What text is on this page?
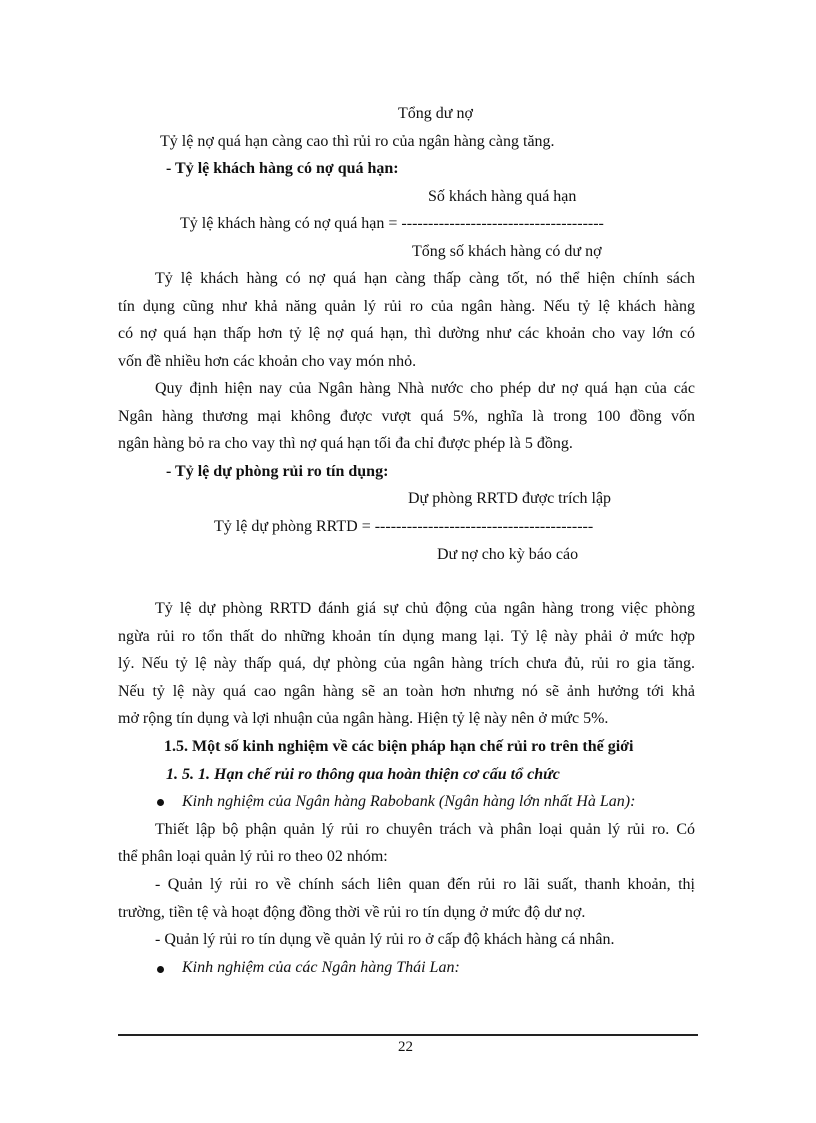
Tổng dư nợ
Tỷ lệ nợ quá hạn càng cao thì rủi ro của ngân hàng càng tăng.
- Tỷ lệ khách hàng có nợ quá hạn:
Số khách hàng quá hạn
Tỷ lệ khách hàng có nợ quá hạn = --------------------------------------
Tổng số khách hàng có dư nợ
Tỷ lệ khách hàng có nợ quá hạn càng thấp càng tốt, nó thể hiện chính sách
tín dụng cũng như khả năng quản lý rủi ro của ngân hàng. Nếu tỷ lệ khách hàng
có nợ quá hạn thấp hơn tỷ lệ nợ quá hạn, thì dường như các khoản cho vay lớn có
vốn đề nhiều hơn các khoản cho vay món nhỏ.
Quy định hiện nay của Ngân hàng Nhà nước cho phép dư nợ quá hạn của các
Ngân hàng thương mại không được vượt quá 5%, nghĩa là trong 100 đồng vốn
ngân hàng bỏ ra cho vay thì nợ quá hạn tối đa chỉ được phép là 5 đồng.
- Tỷ lệ dự phòng rủi ro tín dụng:
Dự phòng RRTD được trích lập
Tỷ lệ dự phòng RRTD = -----------------------------------------
Dư nợ cho kỳ báo cáo
Tỷ lệ dự phòng RRTD đánh giá sự chủ động của ngân hàng trong việc phòng
ngừa rủi ro tổn thất do những khoản tín dụng mang lại. Tỷ lệ này phải ở mức hợp
lý. Nếu tỷ lệ này thấp quá, dự phòng của ngân hàng trích chưa đủ, rủi ro gia tăng.
Nếu tỷ lệ này quá cao ngân hàng sẽ an toàn hơn nhưng nó sẽ ảnh hưởng tới khả
mở rộng tín dụng và lợi nhuận của ngân hàng. Hiện tỷ lệ này nên ở mức 5%.
1.5. Một số kinh nghiệm về các biện pháp hạn chế rủi ro trên thế giới
1. 5. 1. Hạn chế rủi ro thông qua hoàn thiện cơ cấu tổ chức
Kinh nghiệm của Ngân hàng Rabobank (Ngân hàng lớn nhất Hà Lan):
Thiết lập bộ phận quản lý rủi ro chuyên trách và phân loại quản lý rủi ro. Có
thể phân loại quản lý rủi ro theo 02 nhóm:
- Quản lý rủi ro về chính sách liên quan đến rủi ro lãi suất, thanh khoản, thị
trường, tiền tệ và hoạt động đồng thời về rủi ro tín dụng ở mức độ dư nợ.
- Quản lý rủi ro tín dụng về quản lý rủi ro ở cấp độ khách hàng cá nhân.
Kinh nghiệm của các Ngân hàng Thái Lan:
22
